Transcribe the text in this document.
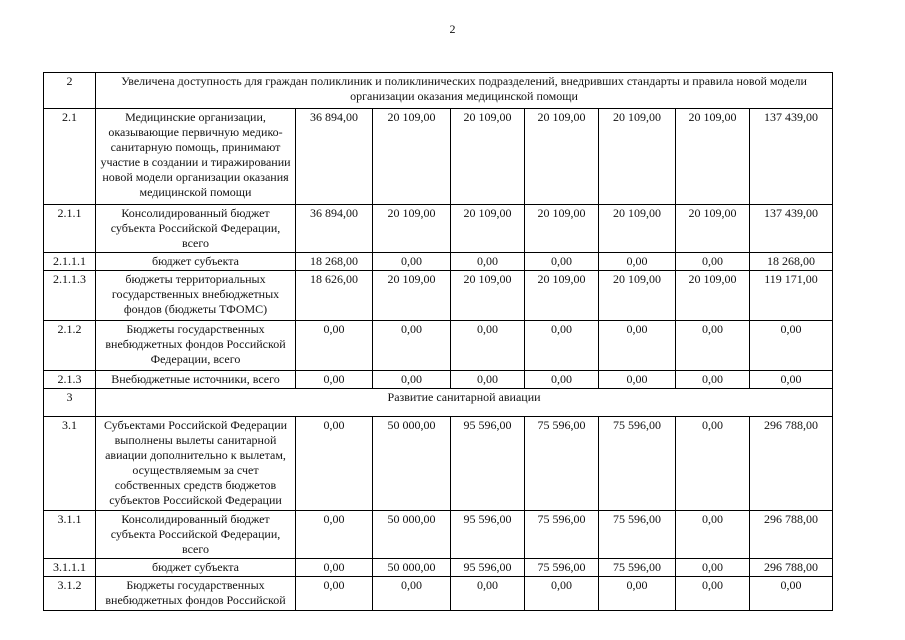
2
2	Увеличена доступность для граждан поликлиник и поликлинических подразделений, внедривших стандарты и правила новой модели организации оказания медицинской помощи							
2.1	Медицинские организации, оказывающие первичную медико-санитарную помощь, принимают участие в создании и тиражировании новой модели организации оказания медицинской помощи	36 894,00	20 109,00	20 109,00	20 109,00	20 109,00	20 109,00	137 439,00
2.1.1	Консолидированный бюджет субъекта Российской Федерации, всего	36 894,00	20 109,00	20 109,00	20 109,00	20 109,00	20 109,00	137 439,00
2.1.1.1	бюджет субъекта	18 268,00	0,00	0,00	0,00	0,00	0,00	18 268,00
2.1.1.3	бюджеты территориальных государственных внебюджетных фондов (бюджеты ТФОМС)	18 626,00	20 109,00	20 109,00	20 109,00	20 109,00	20 109,00	119 171,00
2.1.2	Бюджеты государственных внебюджетных фондов Российской Федерации, всего	0,00	0,00	0,00	0,00	0,00	0,00	0,00
2.1.3	Внебюджетные источники, всего	0,00	0,00	0,00	0,00	0,00	0,00	0,00
3	Развитие санитарной авиации							
3.1	Субъектами Российской Федерации выполнены вылеты санитарной авиации дополнительно к вылетам, осуществляемым за счет собственных средств бюджетов субъектов Российской Федерации	0,00	50 000,00	95 596,00	75 596,00	75 596,00	0,00	296 788,00
3.1.1	Консолидированный бюджет субъекта Российской Федерации, всего	0,00	50 000,00	95 596,00	75 596,00	75 596,00	0,00	296 788,00
3.1.1.1	бюджет субъекта	0,00	50 000,00	95 596,00	75 596,00	75 596,00	0,00	296 788,00
3.1.2	Бюджеты государственных внебюджетных фондов Российской	0,00	0,00	0,00	0,00	0,00	0,00	0,00
